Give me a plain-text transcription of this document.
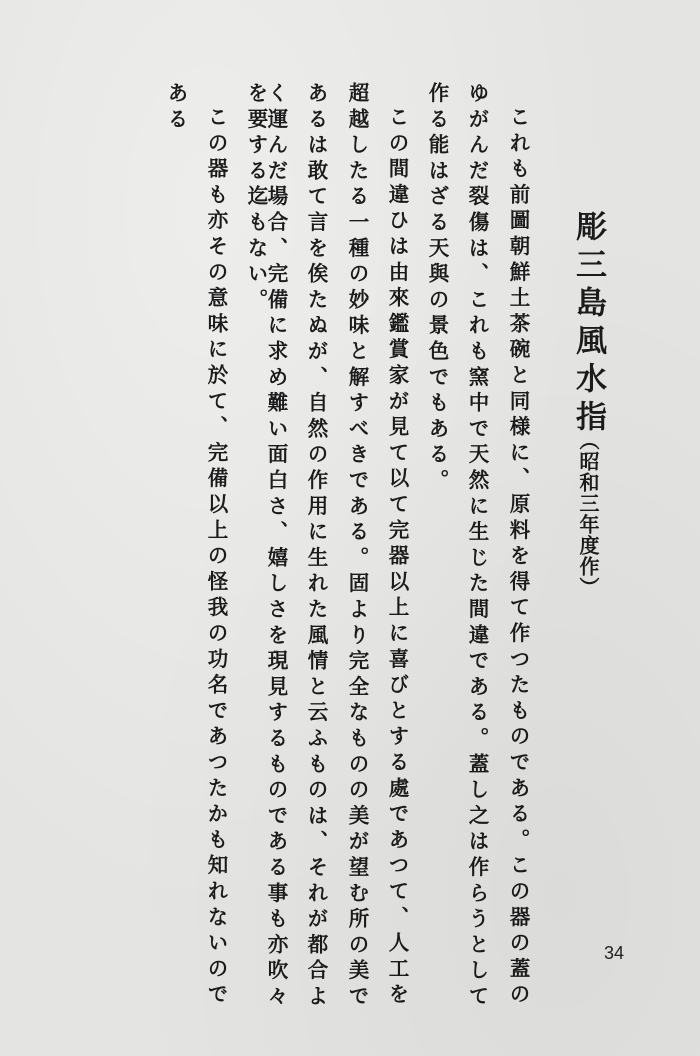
彫三島風水指
（昭和三年度作）
これも前圖朝鮮土茶碗と同様に、原料を得て作つたものである。この器の蓋の
ゆがんだ裂傷は、これも窯中で天然に生じた間違である。蓋し之は作らうとして
作る能はざる天與の景色でもある。
この間違ひは由來鑑賞家が見て以て完器以上に喜びとする處であつて、人工を
超越したる一種の妙味と解すべきである。固より完全なものの美が望む所の美で
あるは敢て言を俟たぬが、自然の作用に生れた風情と云ふものは、それが都合よ
く運んだ場合、完備に求め難い面白さ、嬉しさを現見するものである事も亦吹々
を要する迄もない。
この器も亦その意味に於て、完備以上の怪我の功名であつたかも知れないので
ある
34
